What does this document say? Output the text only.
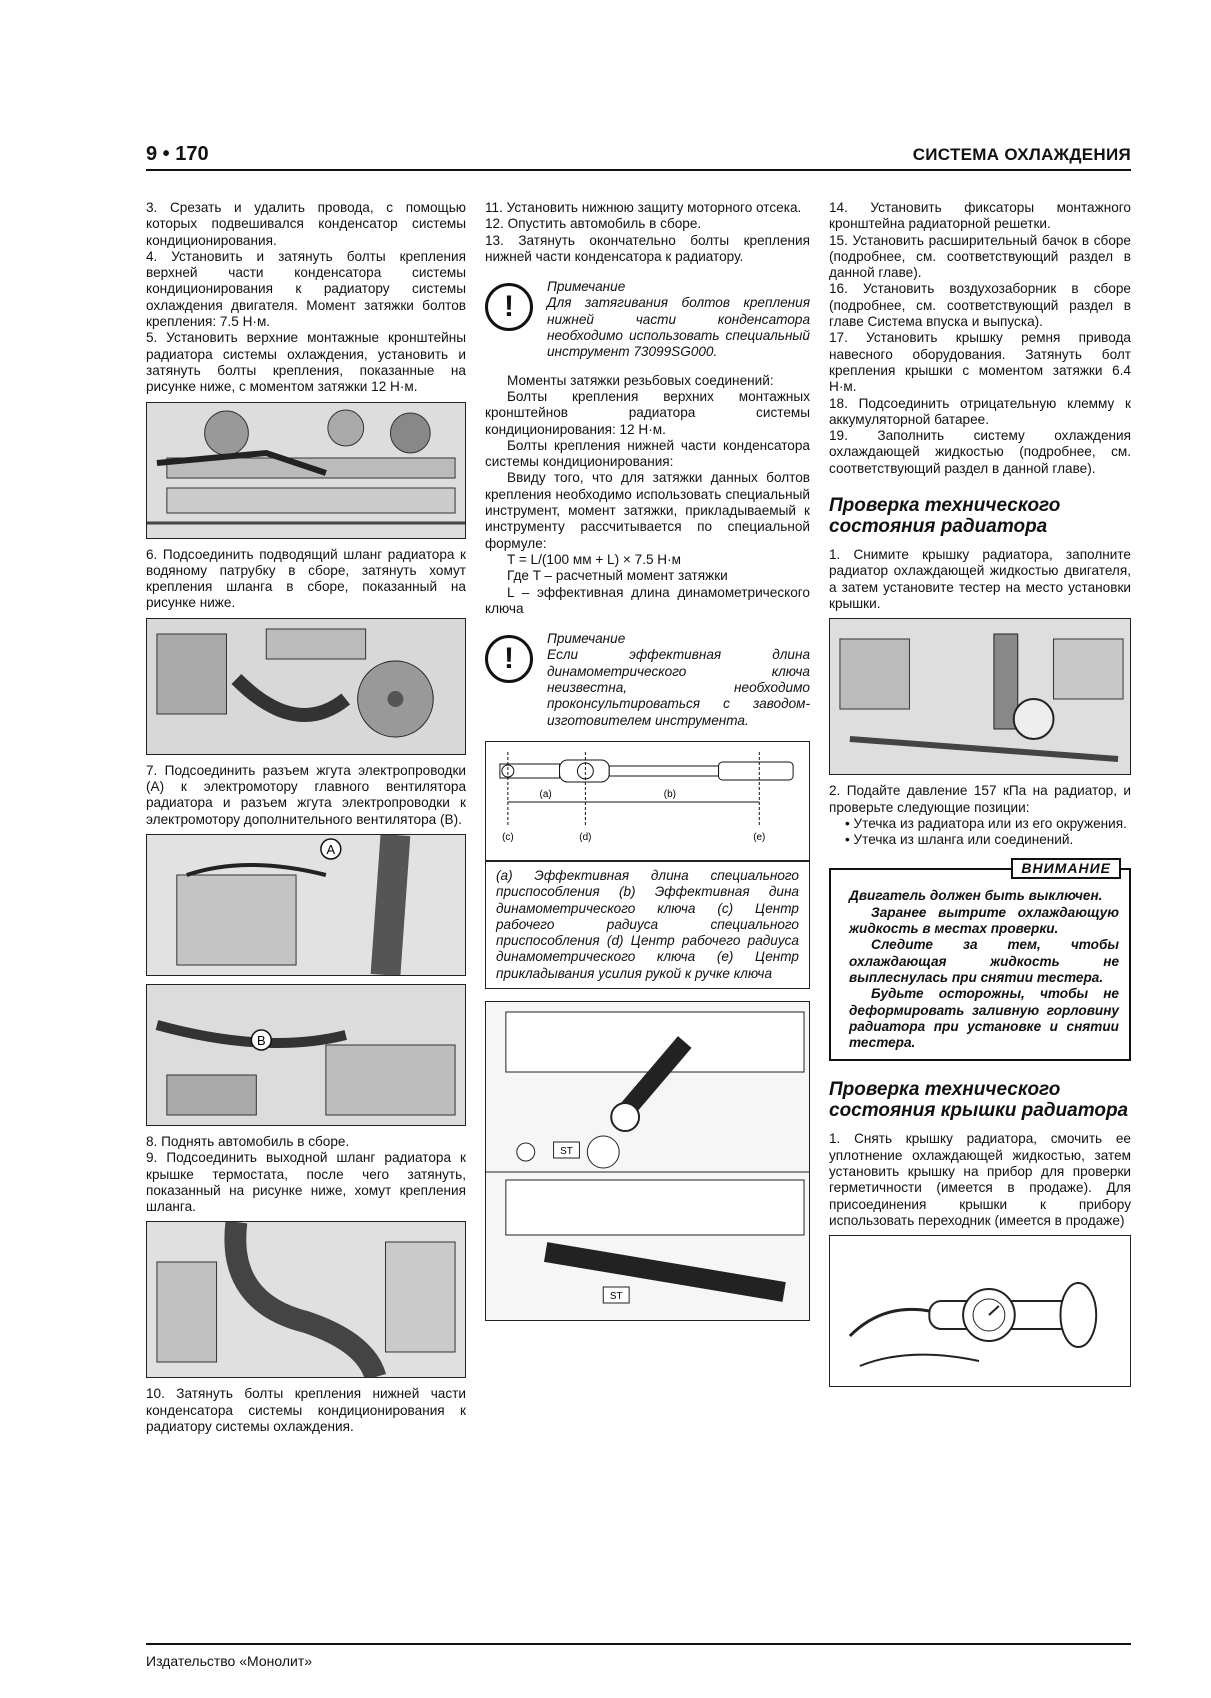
9 • 170	СИСТЕМА ОХЛАЖДЕНИЯ

3. Срезать и удалить провода, с помощью которых подвешивался конденсатор системы кондиционирования.

4. Установить и затянуть болты крепления верхней части конденсатора системы кондиционирования к радиатору системы охлаждения двигателя. Момент затяжки болтов крепления: 7.5 Н·м.

5. Установить верхние монтажные кронштейны радиатора системы охлаждения, установить и затянуть болты крепления, показанные на рисунке ниже, с моментом затяжки 12 Н·м.

6. Подсоединить подводящий шланг радиатора к водяному патрубку в сборе, затянуть хомут крепления шланга в сборе, показанный на рисунке ниже.

7. Подсоединить разъем жгута электропроводки (А) к электромотору главного вентилятора радиатора и разъем жгута электропроводки к электромотору дополнительного вентилятора (В).

A
B

8. Поднять автомобиль в сборе.

9. Подсоединить выходной шланг радиатора к крышке термостата, после чего затянуть, показанный на рисунке ниже, хомут крепления шланга.

10. Затянуть болты крепления нижней части конденсатора системы кондиционирования к радиатору системы охлаждения.

11. Установить нижнюю защиту моторного отсека.

12. Опустить автомобиль в сборе.

13. Затянуть окончательно болты крепления нижней части конденсатора к радиатору.

!
Примечание
Для затягивания болтов крепления нижней части конденсатора необходимо использовать специальный инструмент 73099SG000.

Моменты затяжки резьбовых соединений:

Болты крепления верхних монтажных кронштейнов радиатора системы кондиционирования: 12 Н·м.

Болты крепления нижней части конденсатора системы кондиционирования:

Ввиду того, что для затяжки данных болтов крепления необходимо использовать специальный инструмент, момент затяжки, прикладываемый к инструменту рассчитывается по специальной формуле:

T = L/(100 мм + L) × 7.5 Н·м

Где T – расчетный момент затяжки

L – эффективная длина динамометрического ключа

!
Примечание
Если эффективная длина динамометрического ключа неизвестна, необходимо проконсультироваться с заводом-изготовителем инструмента.
(a)	(b)
(c)	(d)	(e)
(a) Эффективная длина специального приспособления (b) Эффективная дина динамометрического ключа (c) Центр рабочего радиуса специального приспособления (d) Центр рабочего радиуса динамометрического ключа (e) Центр прикладывания усилия рукой к ручке ключа
ST
ST

14. Установить фиксаторы монтажного кронштейна радиаторной решетки.

15. Установить расширительный бачок в сборе (подробнее, см. соответствующий раздел в данной главе).

16. Установить воздухозаборник в сборе (подробнее, см. соответствующий раздел в главе Система впуска и выпуска).

17. Установить крышку ремня привода навесного оборудования. Затянуть болт крепления крышки с моментом затяжки 6.4 Н·м.

18. Подсоединить отрицательную клемму к аккумуляторной батарее.

19. Заполнить систему охлаждения охлаждающей жидкостью (подробнее, см. соответствующий раздел в данной главе).

Проверка технического состояния радиатора

1. Снимите крышку радиатора, заполните радиатор охлаждающей жидкостью двигателя, а затем установите тестер на место установки крышки.

2. Подайте давление 157 кПа на радиатор, и проверьте следующие позиции:

• Утечка из радиатора или из его окружения.

• Утечка из шланга или соединений.

ВНИМАНИЕ

Двигатель должен быть выключен.

Заранее вытрите охлаждающую жидкость в местах проверки.

Следите за тем, чтобы охлаждающая жидкость не выплеснулась при снятии тестера.

Будьте осторожны, чтобы не деформировать заливную горловину радиатора при установке и снятии тестера.

Проверка технического состояния крышки радиатора

1. Снять крышку радиатора, смочить ее уплотнение охлаждающей жидкостью, затем установить крышку на прибор для проверки герметичности (имеется в продаже). Для присоединения крышки к прибору использовать переходник (имеется в продаже)

Издательство «Монолит»
